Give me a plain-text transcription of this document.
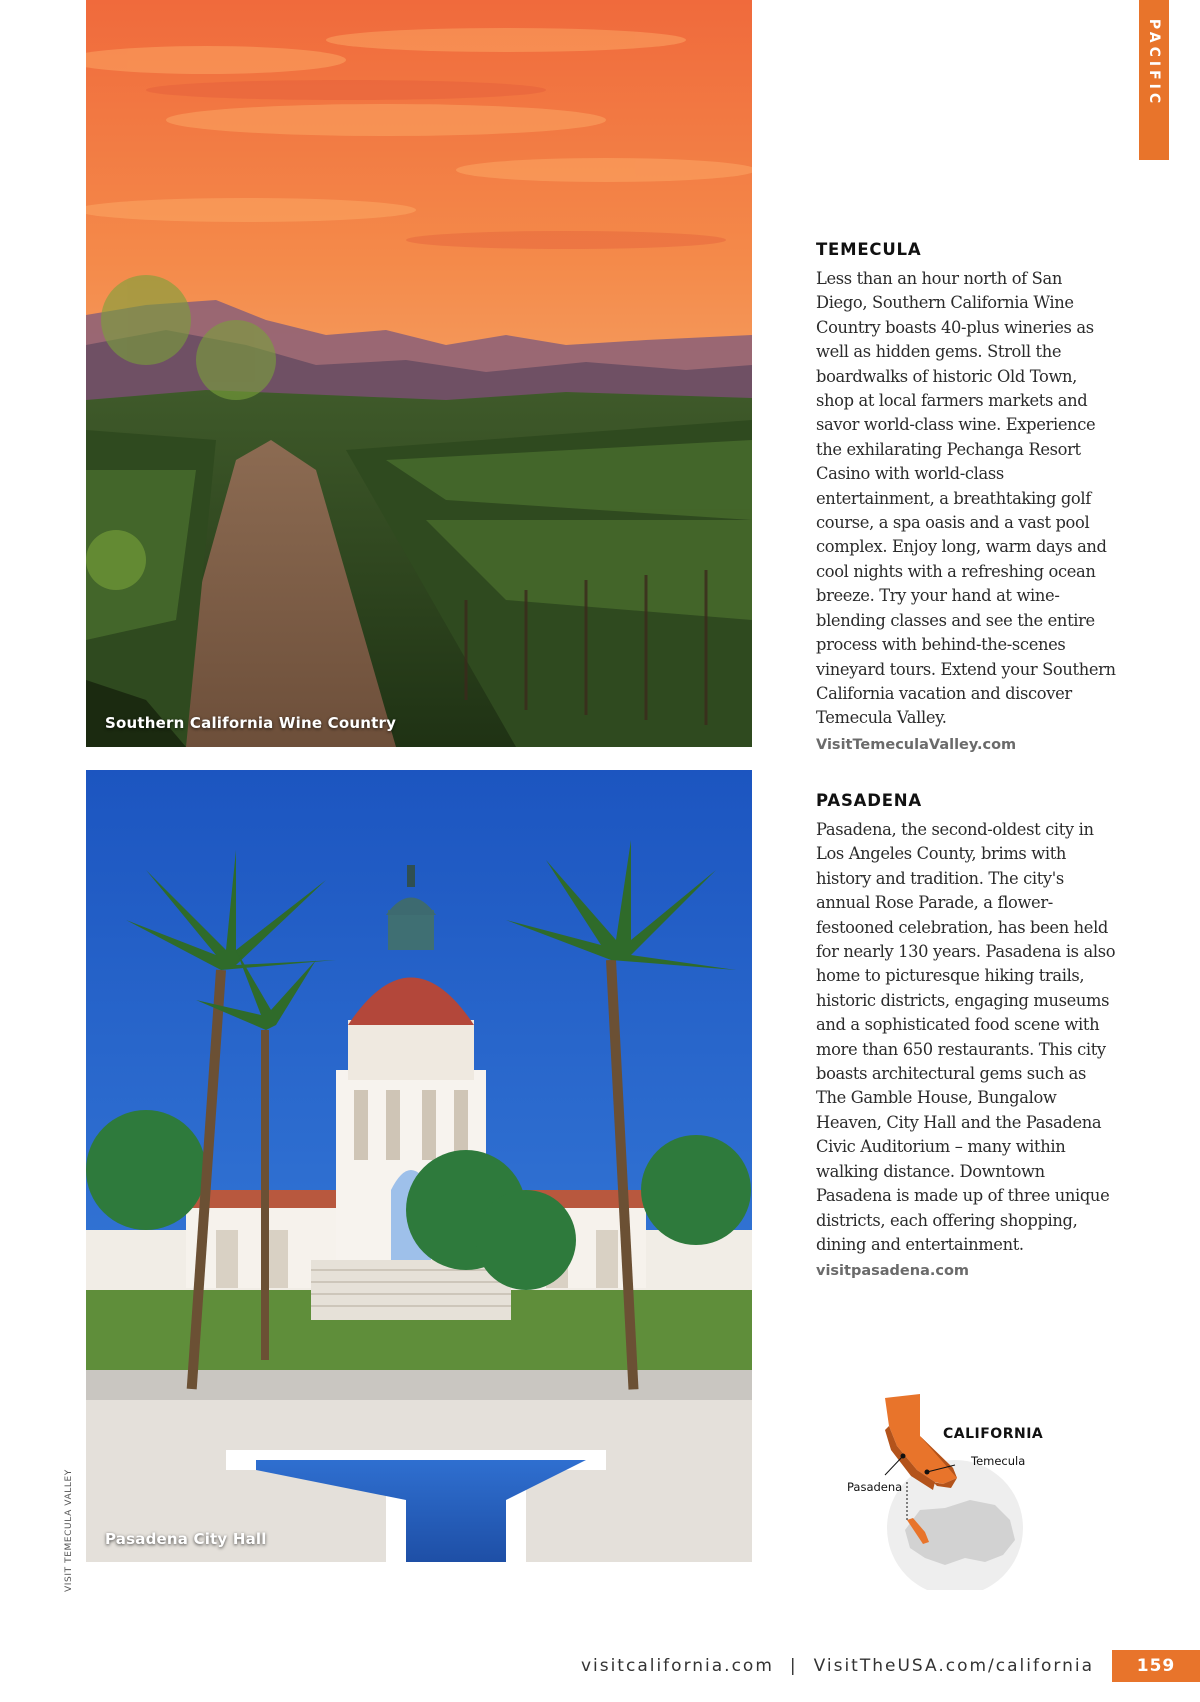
PACIFIC
Southern California Wine Country
Pasadena City Hall
TEMECULA

Less than an hour north of San Diego, Southern California Wine Country boasts 40-plus wineries as well as hidden gems. Stroll the boardwalks of historic Old Town, shop at local farmers markets and savor world-class wine. Experience the exhilarating Pechanga Resort Casino with world-class entertainment, a breathtaking golf course, a spa oasis and a vast pool complex. Enjoy long, warm days and cool nights with a refreshing ocean breeze. Try your hand at wine-blending classes and see the entire process with behind-the-scenes vineyard tours. Extend your Southern California vacation and discover Temecula Valley.

VisitTemeculaValley.com
PASADENA

Pasadena, the second-oldest city in Los Angeles County, brims with history and tradition. The city's annual Rose Parade, a flower-festooned celebration, has been held for nearly 130 years. Pasadena is also home to picturesque hiking trails, historic districts, engaging museums and a sophisticated food scene with more than 650 restaurants. This city boasts architectural gems such as The Gamble House, Bungalow Heaven, City Hall and the Pasadena Civic Auditorium – many within walking distance. Downtown Pasadena is made up of three unique districts, each offering shopping, dining and entertainment.

visitpasadena.com
CALIFORNIA
Temecula
Pasadena
VISIT TEMECULA VALLEY
visitcalifornia.com | VisitTheUSA.com/california	159
